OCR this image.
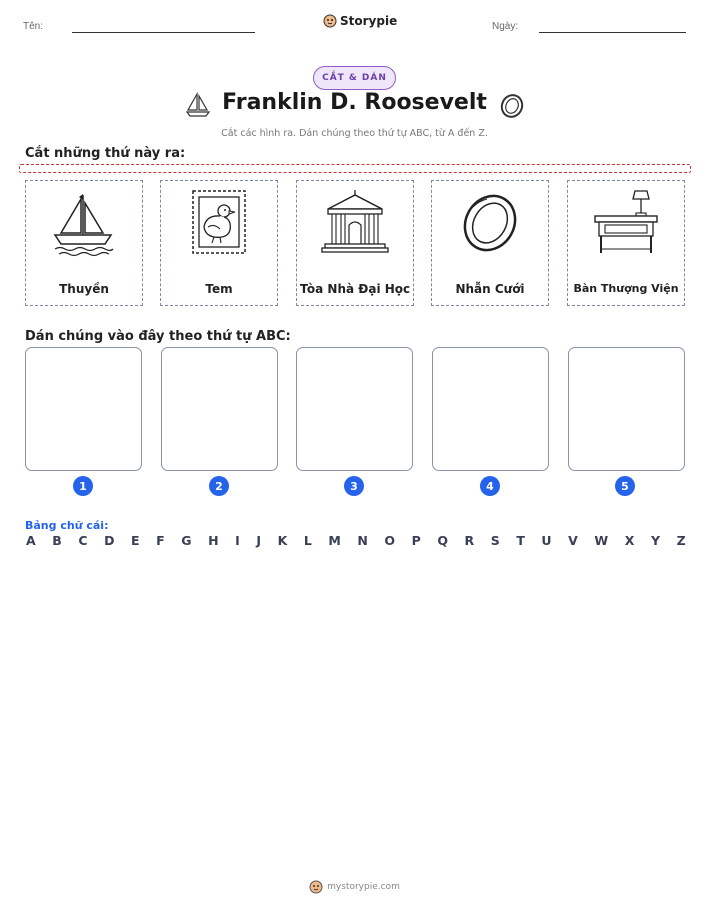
Tên:	Storypie	Ngày:
CẮT & DÁN
Franklin D. Roosevelt
Cắt các hình ra. Dán chúng theo thứ tự ABC, từ A đến Z.
Cắt những thứ này ra:
Thuyền	Tem	Tòa Nhà Đại Học	Nhẫn Cưới	Bàn Thượng Viện
Dán chúng vào đây theo thứ tự ABC:
1	2	3	4	5
Bảng chữ cái:
A B C D E F G H I J K L M N O P Q R S T U V W X Y Z
mystorypie.com
